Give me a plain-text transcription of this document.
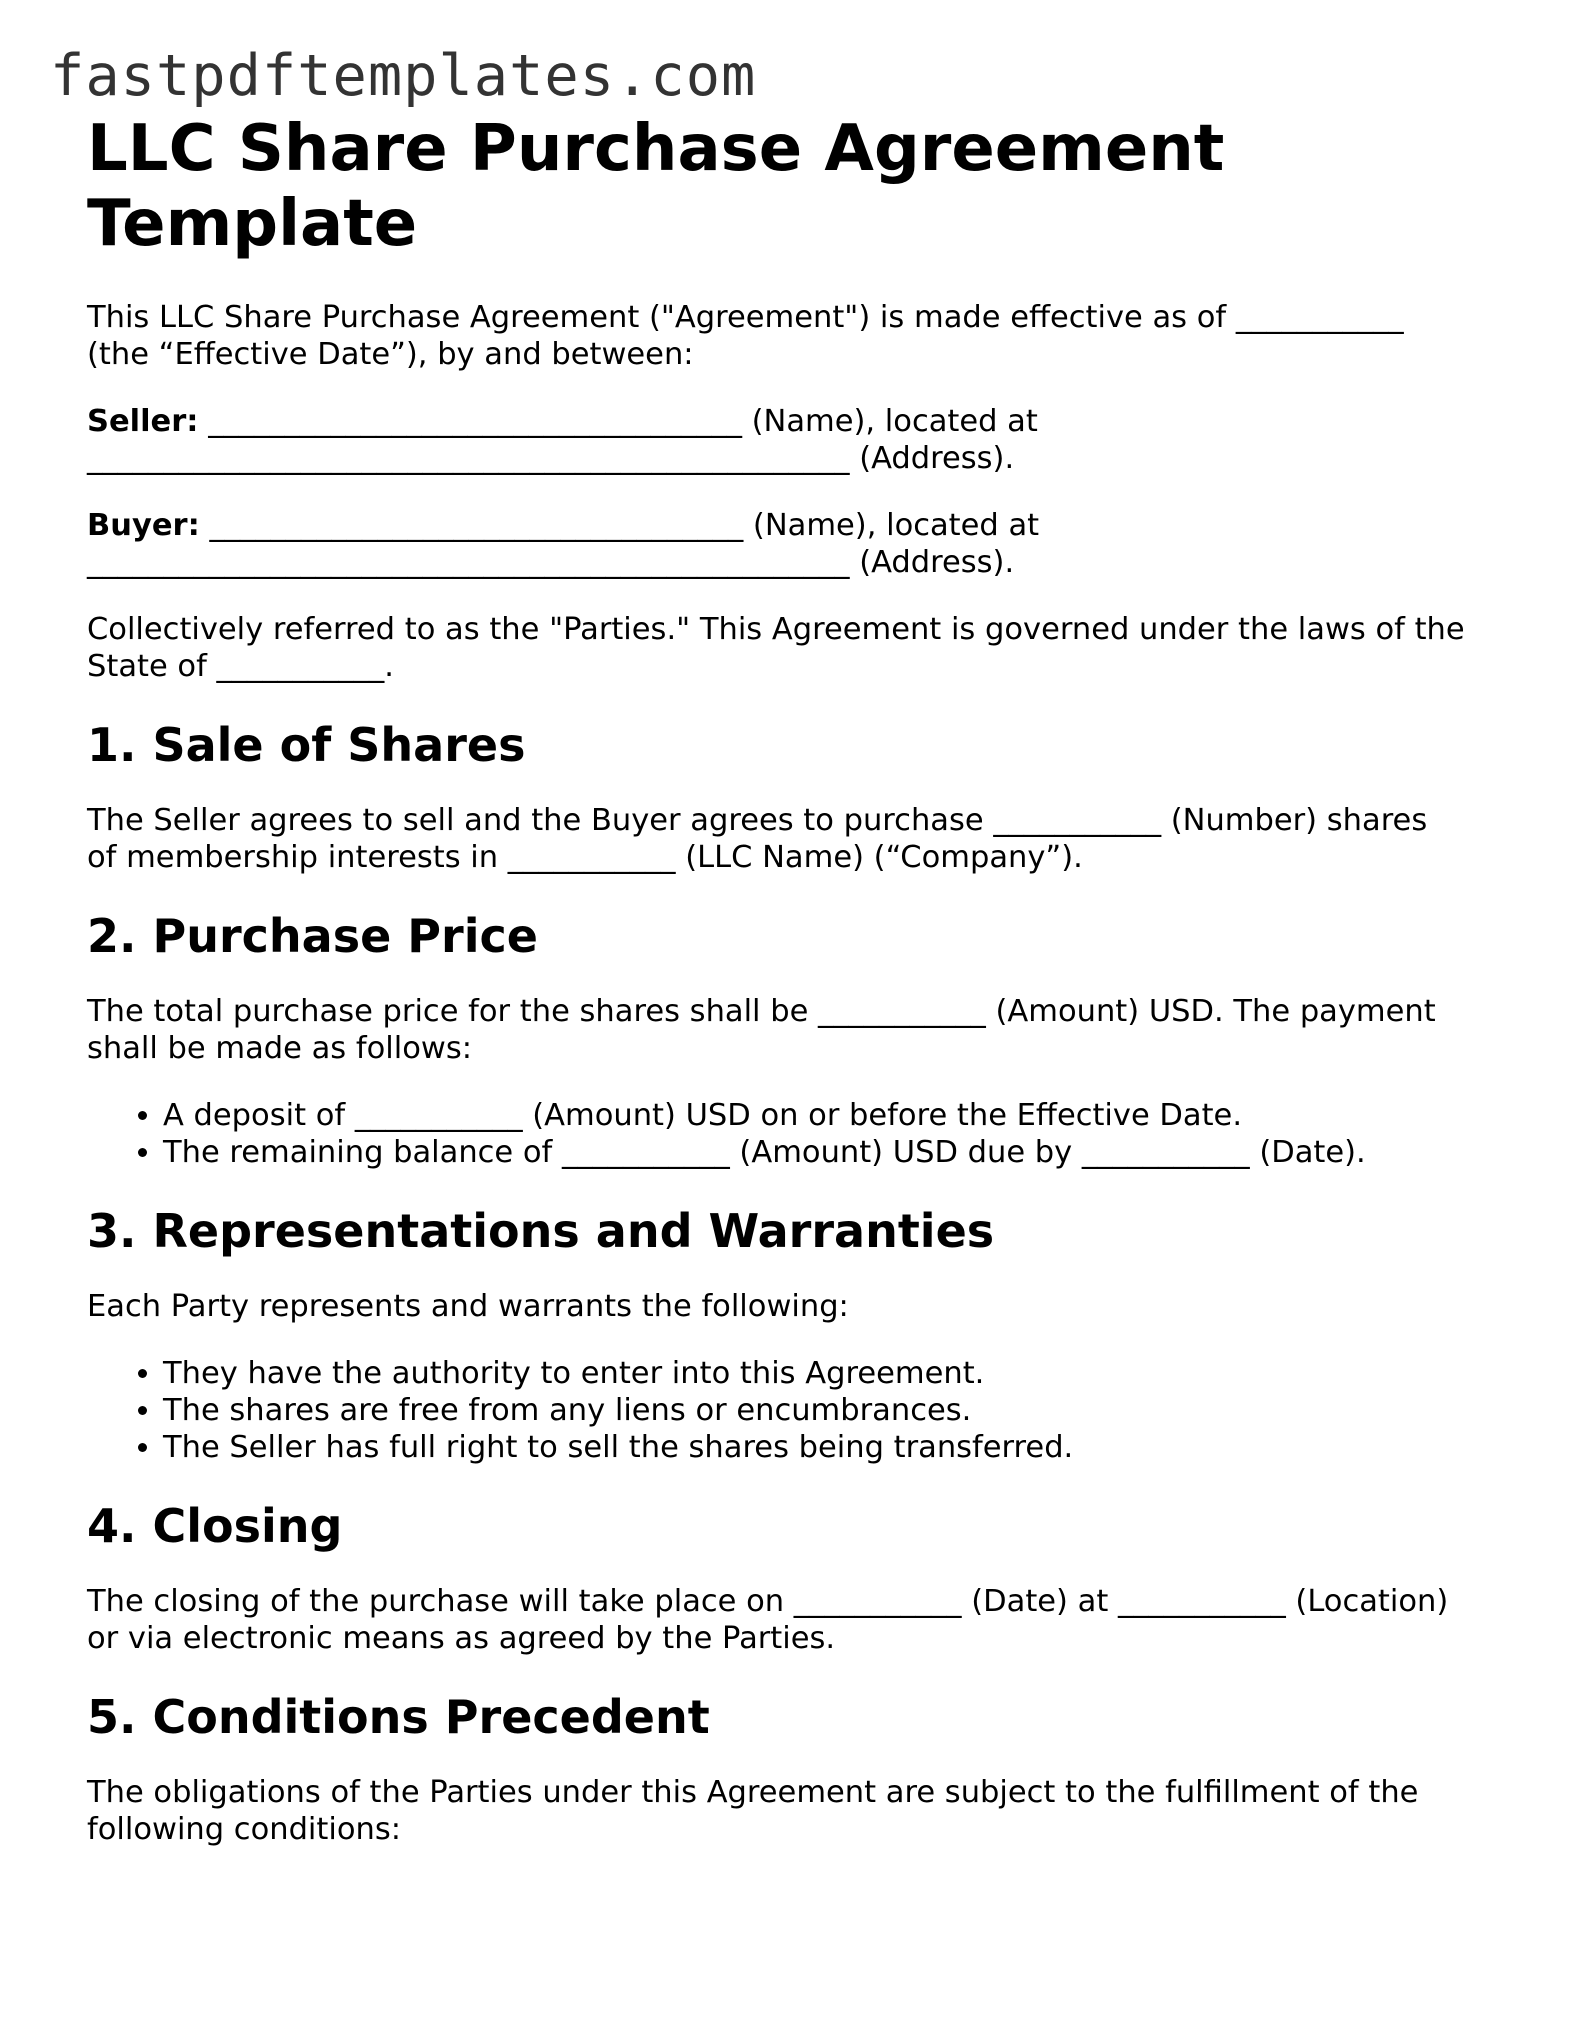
fastpdftemplates.com
LLC Share Purchase Agreement
Template

This LLC Share Purchase Agreement ("Agreement") is made effective as of ___________
(the “Effective Date”), by and between:

Seller: ___________________________________ (Name), located at
__________________________________________________ (Address).

Buyer: ___________________________________ (Name), located at
__________________________________________________ (Address).

Collectively referred to as the "Parties." This Agreement is governed under the laws of the
State of ___________.

1. Sale of Shares

The Seller agrees to sell and the Buyer agrees to purchase ___________ (Number) shares
of membership interests in ___________ (LLC Name) (“Company”).

2. Purchase Price

The total purchase price for the shares shall be ___________ (Amount) USD. The payment
shall be made as follows:

• A deposit of ___________ (Amount) USD on or before the Effective Date.
• The remaining balance of ___________ (Amount) USD due by ___________ (Date).
3. Representations and Warranties

Each Party represents and warrants the following:

• They have the authority to enter into this Agreement.
• The shares are free from any liens or encumbrances.
• The Seller has full right to sell the shares being transferred.
4. Closing

The closing of the purchase will take place on ___________ (Date) at ___________ (Location)
or via electronic means as agreed by the Parties.

5. Conditions Precedent

The obligations of the Parties under this Agreement are subject to the fulfillment of the
following conditions:
